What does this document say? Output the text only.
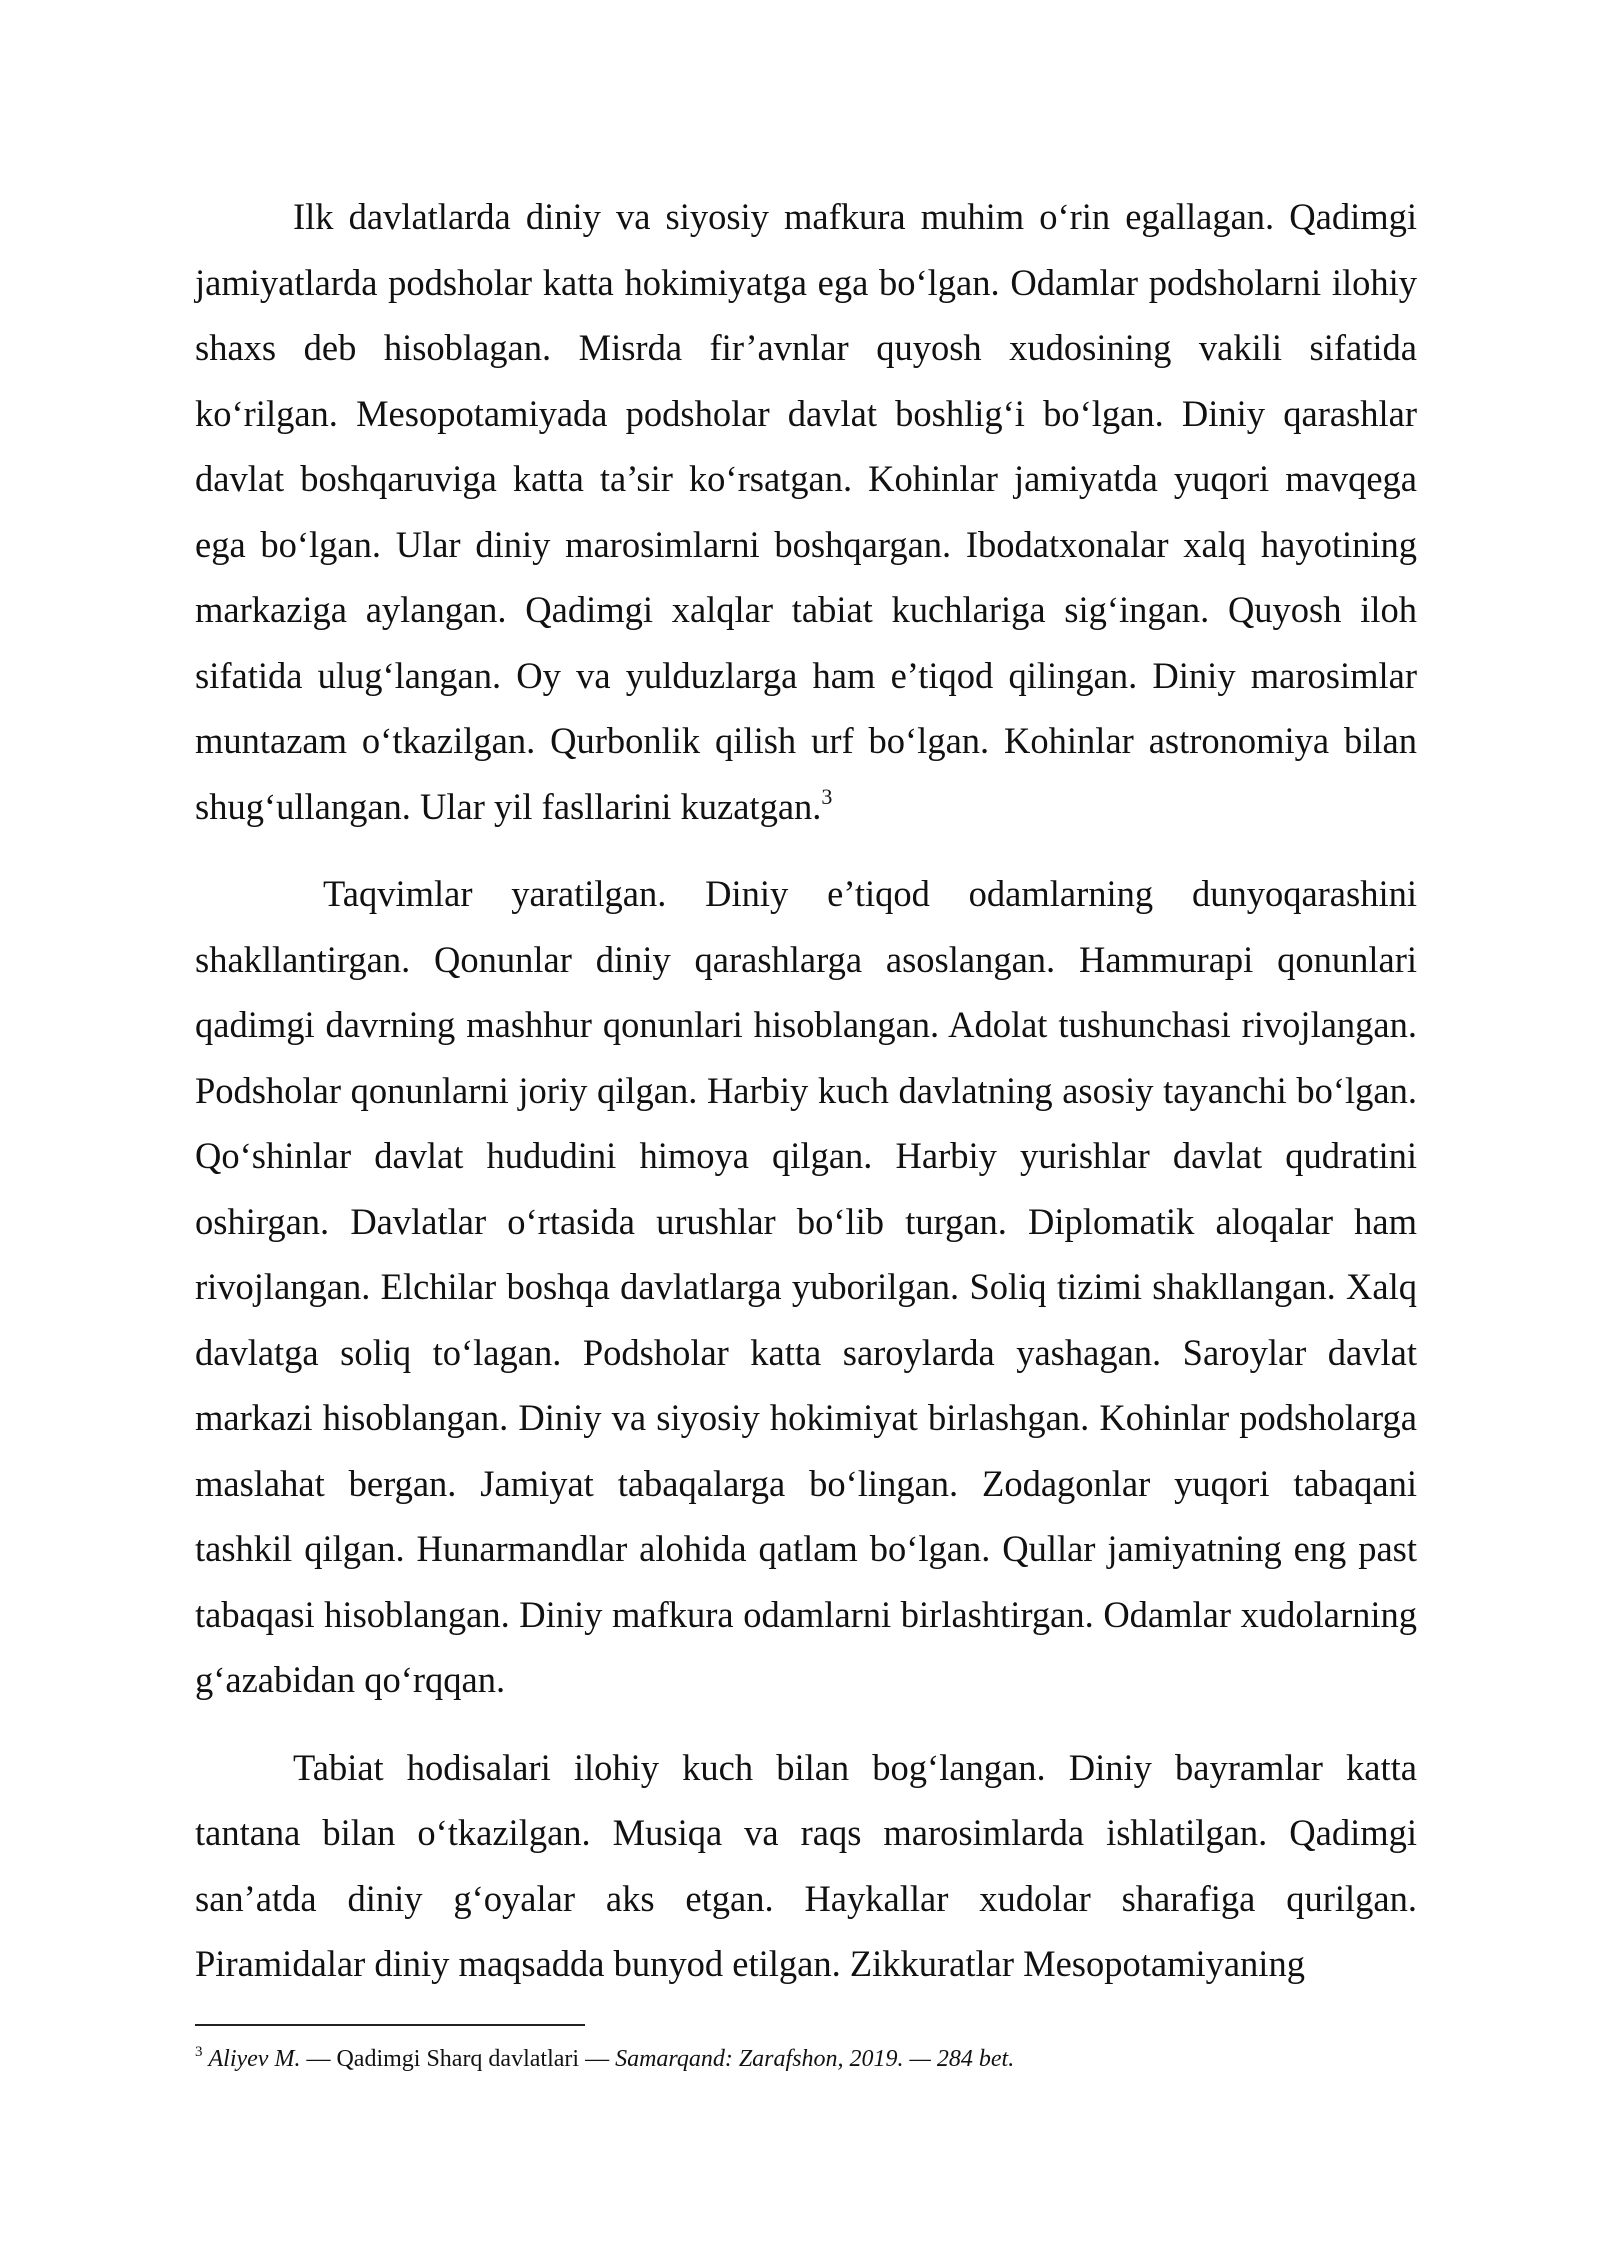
Ilk davlatlarda diniy va siyosiy mafkura muhim o‘rin egallagan. Qadimgi jamiyatlarda podsholar katta hokimiyatga ega bo‘lgan. Odamlar podsholarni ilohiy shaxs deb hisoblagan. Misrda fir’avnlar quyosh xudosining vakili sifatida ko‘rilgan. Mesopotamiyada podsholar davlat boshlig‘i bo‘lgan. Diniy qarashlar davlat boshqaruviga katta ta’sir ko‘rsatgan. Kohinlar jamiyatda yuqori mavqega ega bo‘lgan. Ular diniy marosimlarni boshqargan. Ibodatxonalar xalq hayotining markaziga aylangan. Qadimgi xalqlar tabiat kuchlariga sig‘ingan. Quyosh iloh sifatida ulug‘langan. Oy va yulduzlarga ham e’tiqod qilingan. Diniy marosimlar muntazam o‘tkazilgan. Qurbonlik qilish urf bo‘lgan. Kohinlar astronomiya bilan shug‘ullangan. Ular yil fasllarini kuzatgan.$^3$

Taqvimlar yaratilgan. Diniy e’tiqod odamlarning dunyoqarashini shakllantirgan. Qonunlar diniy qarashlarga asoslangan. Hammurapi qonunlari qadimgi davrning mashhur qonunlari hisoblangan. Adolat tushunchasi rivojlangan. Podsholar qonunlarni joriy qilgan. Harbiy kuch davlatning asosiy tayanchi bo‘lgan. Qo‘shinlar davlat hududini himoya qilgan. Harbiy yurishlar davlat qudratini oshirgan. Davlatlar o‘rtasida urushlar bo‘lib turgan. Diplomatik aloqalar ham rivojlangan. Elchilar boshqa davlatlarga yuborilgan. Soliq tizimi shakllangan. Xalq davlatga soliq to‘lagan. Podsholar katta saroylarda yashagan. Saroylar davlat markazi hisoblangan. Diniy va siyosiy hokimiyat birlashgan. Kohinlar podsholarga maslahat bergan. Jamiyat tabaqalarga bo‘lingan. Zodagonlar yuqori tabaqani tashkil qilgan. Hunarmandlar alohida qatlam bo‘lgan. Qullar jamiyatning eng past tabaqasi hisoblangan. Diniy mafkura odamlarni birlashtirgan. Odamlar xudolarning g‘azabidan qo‘rqqan.

Tabiat hodisalari ilohiy kuch bilan bog‘langan. Diniy bayramlar katta tantana bilan o‘tkazilgan. Musiqa va raqs marosimlarda ishlatilgan. Qadimgi san’atda diniy g‘oyalar aks etgan. Haykallar xudolar sharafiga qurilgan. Piramidalar diniy maqsadda bunyod etilgan. Zikkuratlar Mesopotamiyaning

$^3$ Aliyev M. — Qadimgi Sharq davlatlari — Samarqand: Zarafshon, 2019. — 284 bet.
